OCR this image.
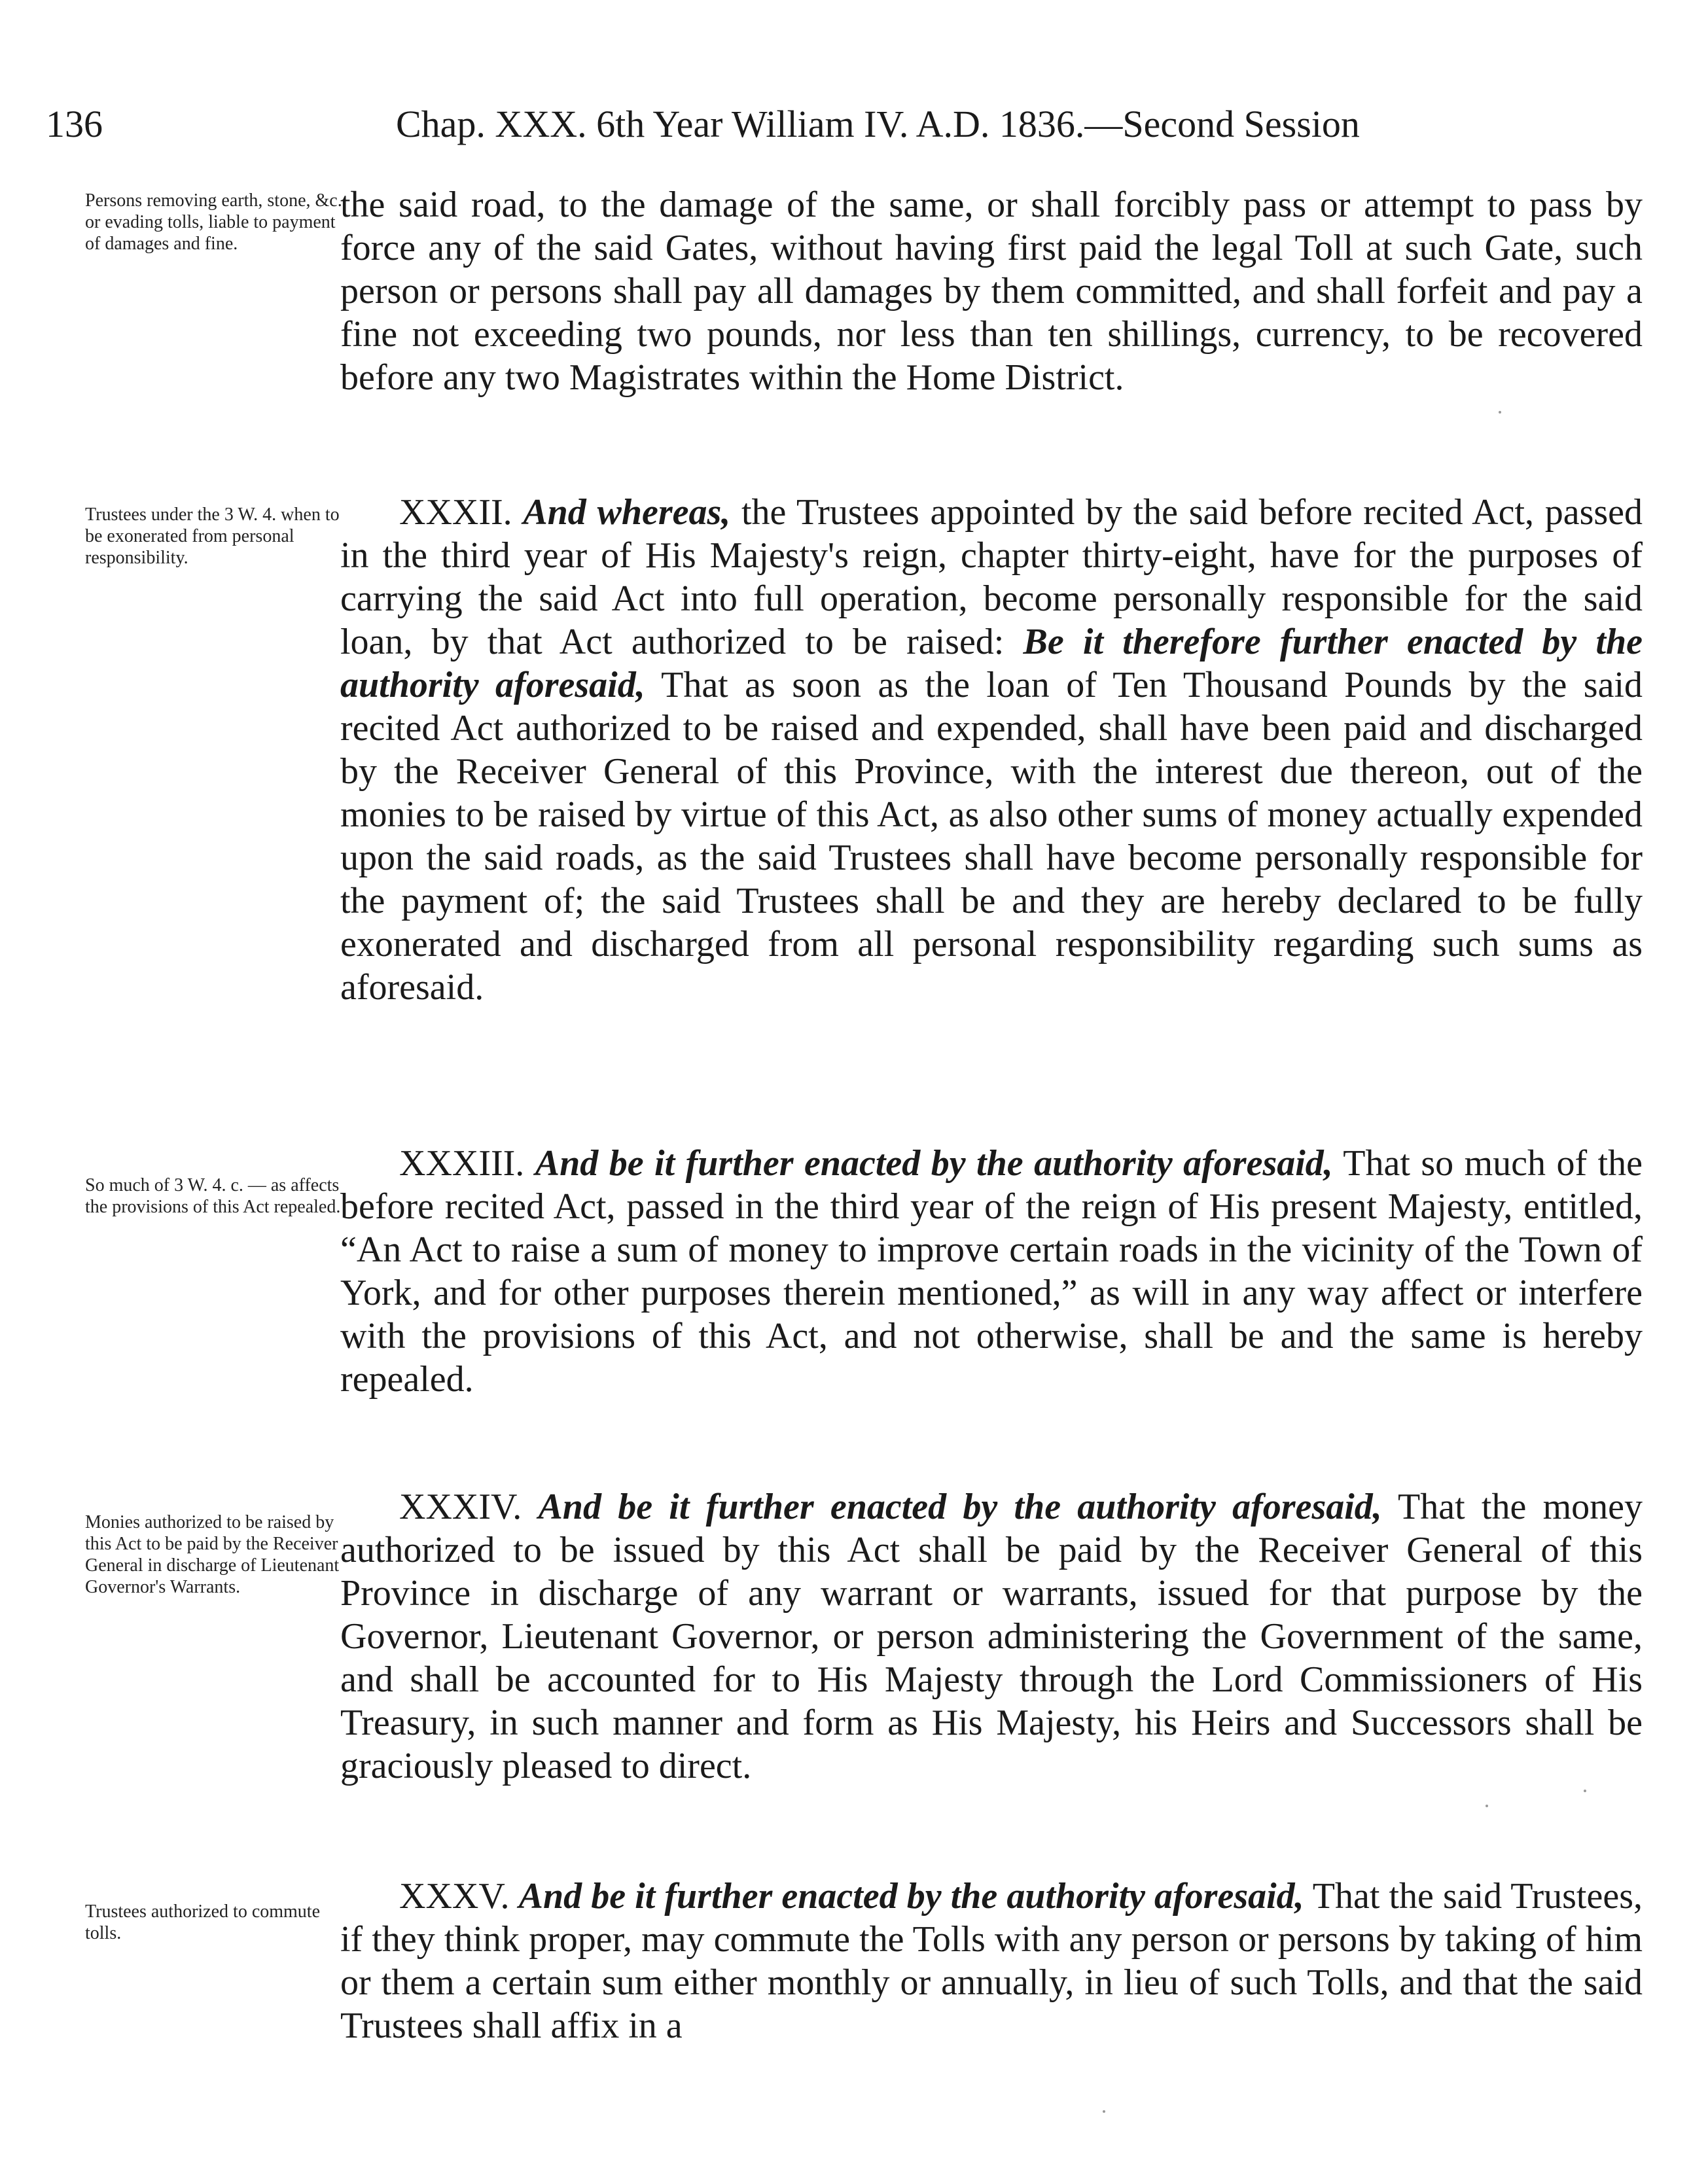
136	Chap. XXX. 6th Year William IV. A.D. 1836.—Second Session
Persons removing earth, stone, &c. or evading tolls, liable to payment of damages and fine.
Trustees under the 3 W. 4. when to be exonerated from personal responsibility.
So much of 3 W. 4. c. — as affects the provisions of this Act repealed.
Monies authorized to be raised by this Act to be paid by the Receiver General in discharge of Lieutenant Governor's Warrants.
Trustees authorized to commute tolls.

the said road, to the damage of the same, or shall forcibly pass or attempt to pass by force any of the said Gates, without having first paid the legal Toll at such Gate, such person or persons shall pay all damages by them committed, and shall forfeit and pay a fine not exceeding two pounds, nor less than ten shillings, currency, to be recovered before any two Magistrates within the Home District.

XXXII. And whereas, the Trustees appointed by the said before recited Act, passed in the third year of His Majesty's reign, chapter thirty-eight, have for the purposes of carrying the said Act into full operation, become personally responsible for the said loan, by that Act authorized to be raised: Be it therefore further enacted by the authority aforesaid, That as soon as the loan of Ten Thousand Pounds by the said recited Act authorized to be raised and expended, shall have been paid and discharged by the Receiver General of this Province, with the interest due thereon, out of the monies to be raised by virtue of this Act, as also other sums of money actually expended upon the said roads, as the said Trustees shall have become personally responsible for the payment of; the said Trustees shall be and they are hereby declared to be fully exonerated and discharged from all personal responsibility regarding such sums as aforesaid.

XXXIII. And be it further enacted by the authority aforesaid, That so much of the before recited Act, passed in the third year of the reign of His present Majesty, entitled, “An Act to raise a sum of money to improve certain roads in the vicinity of the Town of York, and for other purposes therein mentioned,” as will in any way affect or interfere with the provisions of this Act, and not otherwise, shall be and the same is hereby repealed.

XXXIV. And be it further enacted by the authority aforesaid, That the money authorized to be issued by this Act shall be paid by the Receiver General of this Province in discharge of any warrant or warrants, issued for that purpose by the Governor, Lieutenant Governor, or person administering the Government of the same, and shall be accounted for to His Majesty through the Lord Commissioners of His Treasury, in such manner and form as His Majesty, his Heirs and Successors shall be graciously pleased to direct.

XXXV. And be it further enacted by the authority aforesaid, That the said Trustees, if they think proper, may commute the Tolls with any person or persons by taking of him or them a certain sum either monthly or annually, in lieu of such Tolls, and that the said Trustees shall affix in a
